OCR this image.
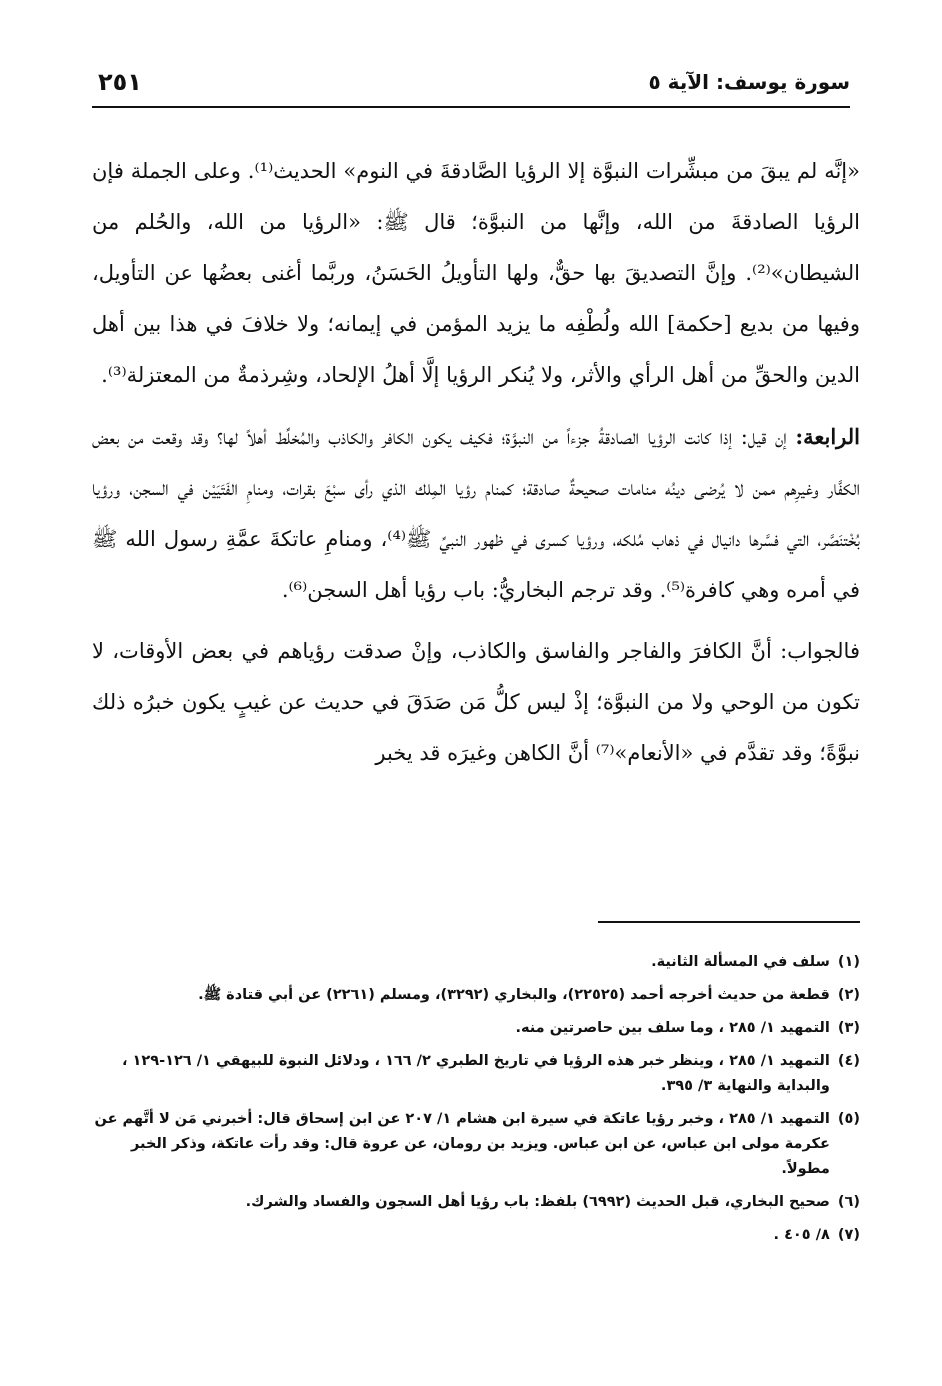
سورة يوسف: الآية ٥
٢٥١

«إنَّه لم يبقَ من مبشِّرات النبوَّة إلا الرؤيا الصَّادقةَ في النوم» الحديث⁽¹⁾. وعلى الجملة فإن الرؤيا الصادقةَ من الله، وإنَّها من النبوَّة؛ قال ﷺ: «الرؤيا من الله، والحُلم من الشيطان»⁽²⁾. وإنَّ التصديقَ بها حقٌّ، ولها التأويلُ الحَسَنُ، وربَّما أغنى بعضُها عن التأويل، وفيها من بديع [حكمة] الله ولُطْفِه ما يزيد المؤمن في إيمانه؛ ولا خلافَ في هذا بين أهل الدين والحقِّ من أهل الرأي والأثر، ولا يُنكر الرؤيا إلَّا أهلُ الإلحاد، وشِرذمةٌ من المعتزلة⁽³⁾.

الرابعة: إن قيل: إذا كانت الرؤيا الصادقةُ جزءاً من النبوَّة؛ فكيف يكون الكافر والكاذب والمُخلِّط أهلاً لها؟ وقد وقعت من بعض الكفَّار وغيرِهم ممن لا يُرضى دينُه منامات صحيحةٌ صادقة؛ كمنام رؤيا المِلك الذي رأى سبْعَ بقرات، ومنامِ الفَتَيَيْن في السجن، ورؤيا بُخْتنَصَّر، التي فسَّرها دانيال في ذهاب مُلكه، ورؤيا كسرى في ظهور النبيِّ ﷺ⁽⁴⁾، ومنامِ عاتكةَ عمَّةِ رسول الله ﷺ في أمره وهي كافرة⁽⁵⁾. وقد ترجم البخاريُّ: باب رؤيا أهل السجن⁽⁶⁾.

فالجواب: أنَّ الكافرَ والفاجر والفاسق والكاذب، وإنْ صدقت رؤياهم في بعض الأوقات، لا تكون من الوحي ولا من النبوَّة؛ إذْ ليس كلُّ مَن صَدَقَ في حديث عن غيبٍ يكون خبرُه ذلك نبوَّةً؛ وقد تقدَّم في «الأنعام»⁽⁷⁾ أنَّ الكاهن وغيرَه قد يخبر

(١)
سلف في المسألة الثانية.
(٢)
قطعة من حديث أخرجه أحمد (٢٢٥٢٥)، والبخاري (٣٢٩٢)، ومسلم (٢٢٦١) عن أبي قتادة ﷺ.
(٣)
التمهيد ١/ ٢٨٥ ، وما سلف بين حاصرتين منه.
(٤)
التمهيد ١/ ٢٨٥ ، وينظر خبر هذه الرؤيا في تاريخ الطبري ٢/ ١٦٦ ، ودلائل النبوة للبيهقي ١/ ١٢٦-١٢٩ ، والبداية والنهاية ٣/ ٣٩٥.
(٥)
التمهيد ١/ ٢٨٥ ، وخبر رؤيا عاتكة في سيرة ابن هشام ١/ ٢٠٧ عن ابن إسحاق قال: أخبرني مَن لا أتَّهم عن عكرمة مولى ابن عباس، عن ابن عباس. ويزيد بن رومان، عن عروة قال: وقد رأت عاتكة، وذكر الخبر مطولاً.
(٦)
صحيح البخاري، قبل الحديث (٦٩٩٢) بلفظ: باب رؤيا أهل السجون والفساد والشرك.
(٧)
٨/ ٤٠٥ .
